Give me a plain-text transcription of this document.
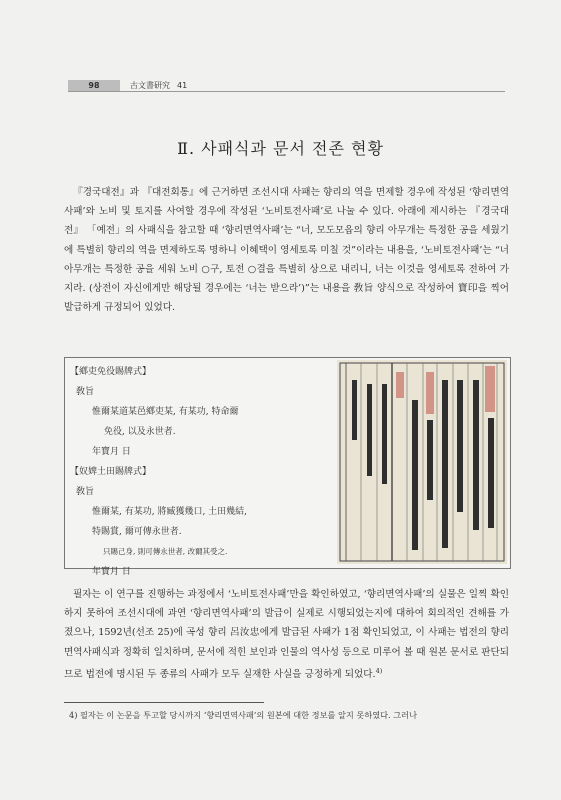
98	古文書研究 41
Ⅱ. 사패식과 문서 전존 현황

『경국대전』과 『대전회통』에 근거하면 조선시대 사패는 향리의 역을 면제할 경우에 작성된 ‘향리면역사패’와 노비 및 토지를 사여할 경우에 작성된 ‘노비토전사패’로 나눌 수 있다. 아래에 제시하는 『경국대전』 「예전」의 사패식을 참고할 때 ‘향리면역사패’는 “너, 모도모읍의 향리 아무개는 특정한 공을 세웠기에 특별히 향리의 역을 면제하도록 명하니 이혜택이 영세토록 미칠 것”이라는 내용을, ‘노비토전사패’는 “너 아무개는 특정한 공을 세워 노비 ○구, 토전 ○결을 특별히 상으로 내리니, 너는 이것을 영세토록 전하여 가지라. (상전이 자신에게만 해당될 경우에는 ‘너는 받으라’)”는 내용을 敎旨 양식으로 작성하여 寶印을 찍어 발급하게 규정되어 있었다.

【鄕吏免役賜牌式】
敎旨
惟爾某道某邑鄕吏某, 有某功, 特命爾
免役, 以及永世者.
年寶月 日
【奴婢土田賜牌式】
敎旨
惟爾某, 有某功, 將臧獲幾口, 土田幾結,
特賜賞, 爾可傳永世者.
只賜己身, 則可傳永世者, 改爾其受之.
年寶月 日

필자는 이 연구를 진행하는 과정에서 ‘노비토전사패’만을 확인하였고, ‘향리면역사패’의 실물은 일찍 확인하지 못하여 조선시대에 과연 ‘향리면역사패’의 발급이 실제로 시행되었는지에 대하여 회의적인 견해를 가졌으나, 1592년(선조 25)에 곡성 향리 呂汝忠에게 발급된 사패가 1점 확인되었고, 이 사패는 법전의 향리면역사패식과 정확히 일치하며, 문서에 적힌 보인과 인물의 역사성 등으로 미루어 볼 때 원본 문서로 판단되므로 법전에 명시된 두 종류의 사패가 모두 실재한 사실을 긍정하게 되었다.$^{4)}$

4) 필자는 이 논문을 투고할 당시까지 ‘향리면역사패’의 원본에 대한 정보를 알지 못하였다. 그러나
